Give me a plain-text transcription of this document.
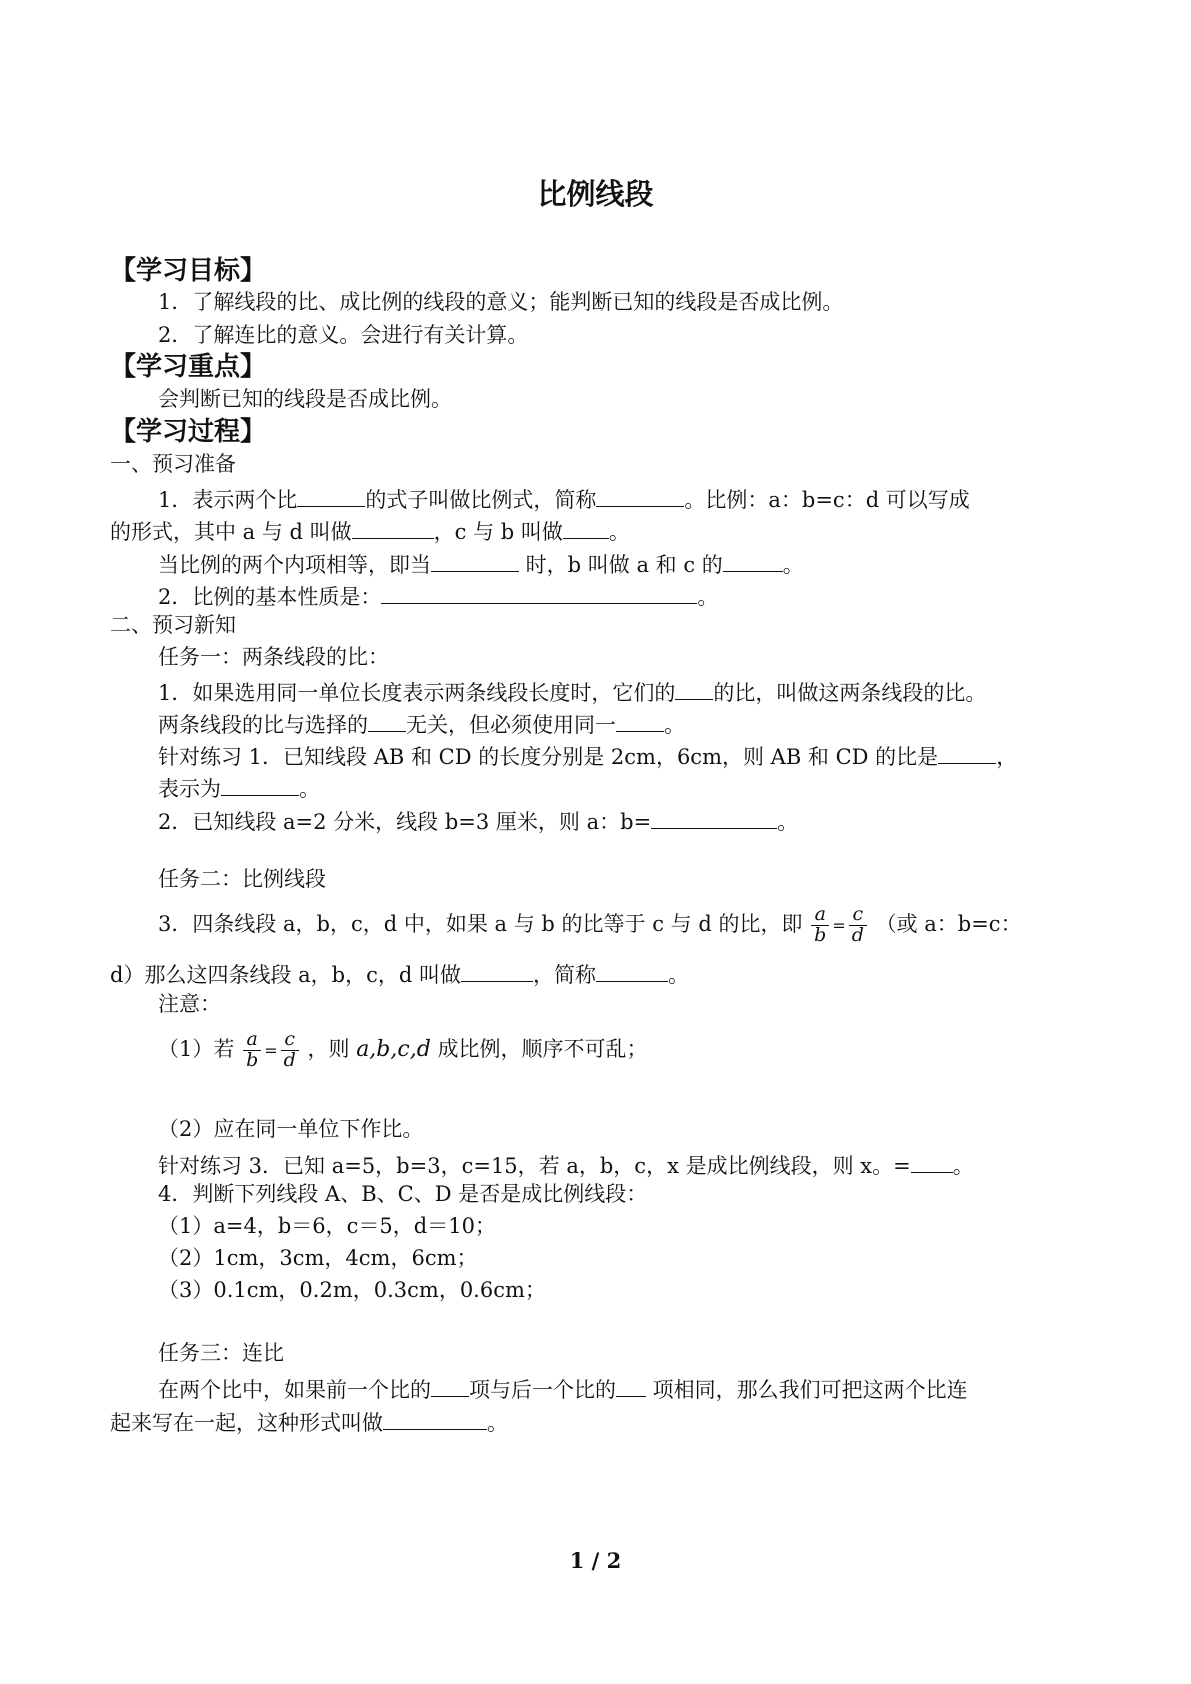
比例线段
【学习目标】
1．了解线段的比、成比例的线段的意义；能判断已知的线段是否成比例。
2．了解连比的意义。会进行有关计算。
【学习重点】
会判断已知的线段是否成比例。
【学习过程】
一、预习准备
1．表示两个比	的式子叫做比例式，简称	。比例：a：b=c：d 可以写成
的形式，其中 a 与 d 叫做	，c 与 b 叫做 。
当比例的两个内项相等，即当	时，b 叫做 a 和 c 的	。
2．比例的基本性质是：	。
二、预习新知
任务一：两条线段的比：
1．如果选用同一单位长度表示两条线段长度时，它们的 的比，叫做这两条线段的比。
两条线段的比与选择的 无关，但必须使用同一 。
针对练习 1．已知线段 AB 和 CD 的长度分别是 2cm，6cm，则 AB 和 CD 的比是	，
表示为	。
2．已知线段 a=2 分米，线段 b=3 厘米，则 a：b=	。
任务二：比例线段
3．四条线段 a，b，c，d 中，如果 a 与 b 的比等于 c 与 d 的比，即 $\frac{a}{b} = \frac{c}{d}$ （或 a：b=c：
d）那么这四条线段 a，b，c，d 叫做	，简称	。
注意：
（1）若 $\frac{a}{b} = \frac{c}{d}$ ，则 a,b,c,d 成比例，顺序不可乱；
（2）应在同一单位下作比。
针对练习 3．已知 a=5，b=3，c=15，若 a，b，c，x 是成比例线段，则 x。= 。
4．判断下列线段 A、B、C、D 是否是成比例线段：
（1）a=4，b＝6，c＝5，d＝10；
（2）1cm，3cm，4cm，6cm；
（3）0.1cm，0.2m，0.3cm，0.6cm；
任务三：连比
在两个比中，如果前一个比的 项与后一个比的 项相同，那么我们可把这两个比连
起来写在一起，这种形式叫做	。
1 / 2
